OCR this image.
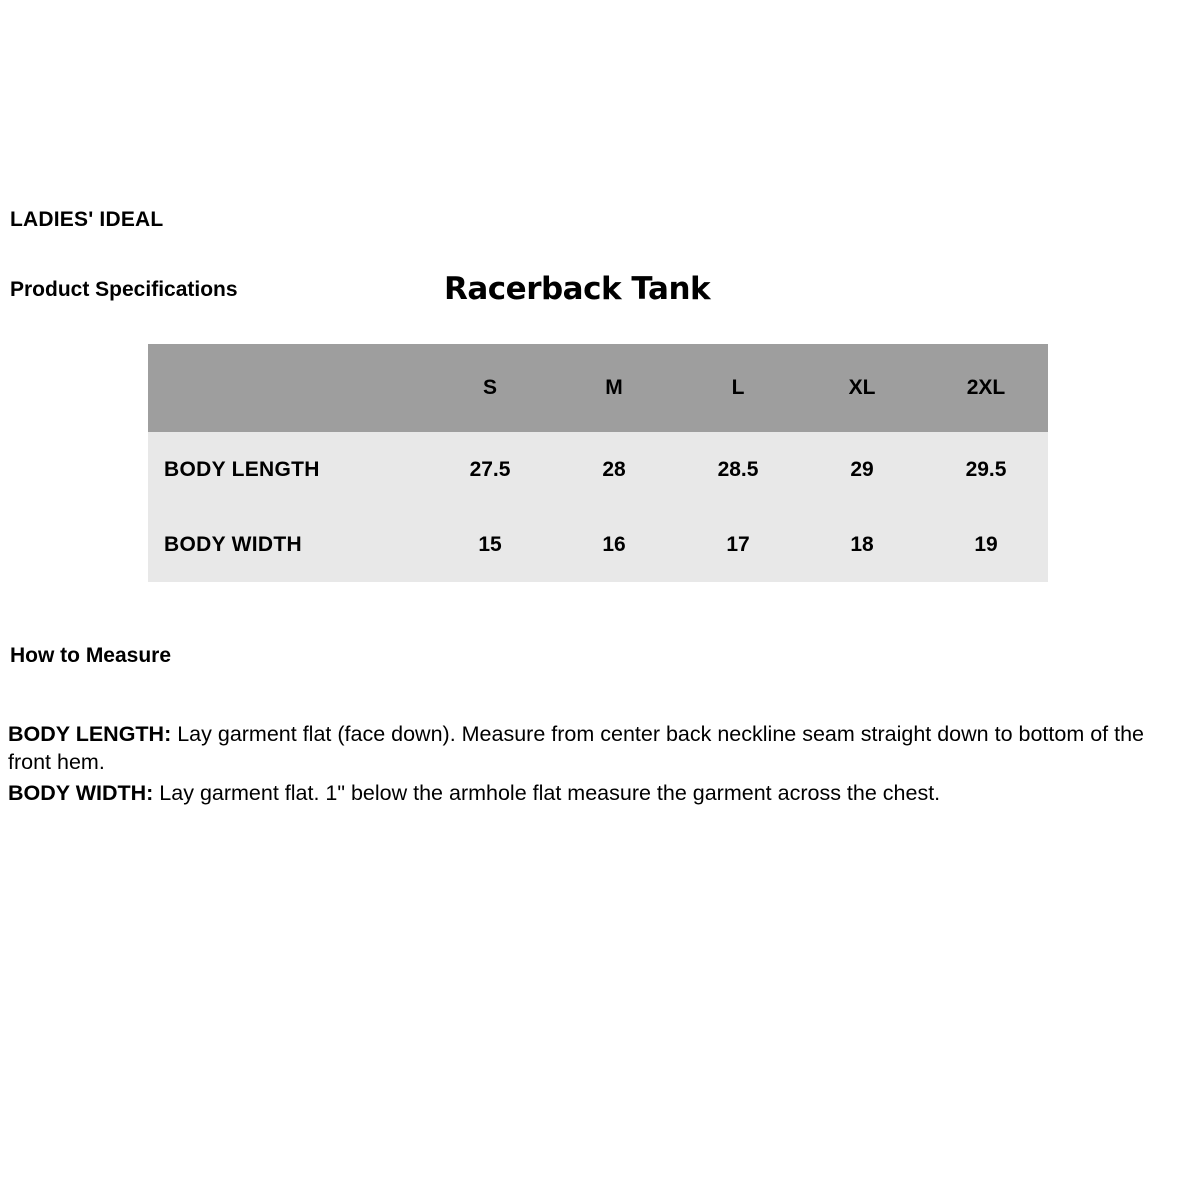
LADIES' IDEAL
Product Specifications	Racerback Tank
	S	M	L	XL	2XL
BODY LENGTH	27.5	28	28.5	29	29.5
BODY WIDTH	15	16	17	18	19
How to Measure

BODY LENGTH: Lay garment flat (face down). Measure from center back neckline seam straight down to bottom of the front hem.

BODY WIDTH: Lay garment flat. 1" below the armhole flat measure the garment across the chest.
